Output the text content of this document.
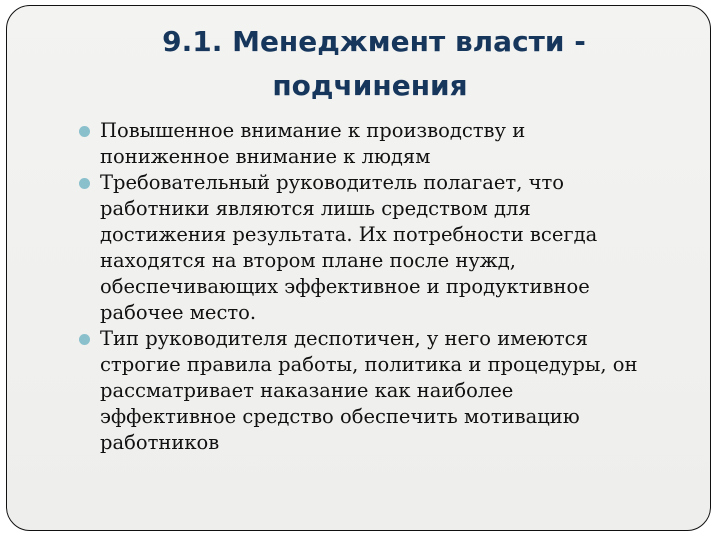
9.1. Менеджмент власти -
подчинения
Повышенное внимание к производству и
пониженное внимание к людям
Требовательный руководитель полагает, что
работники являются лишь средством для
достижения результата. Их потребности всегда
находятся на втором плане после нужд,
обеспечивающих эффективное и продуктивное
рабочее место.
Тип руководителя деспотичен, у него имеются
строгие правила работы, политика и процедуры, он
рассматривает наказание как наиболее
эффективное средство обеспечить мотивацию
работников
